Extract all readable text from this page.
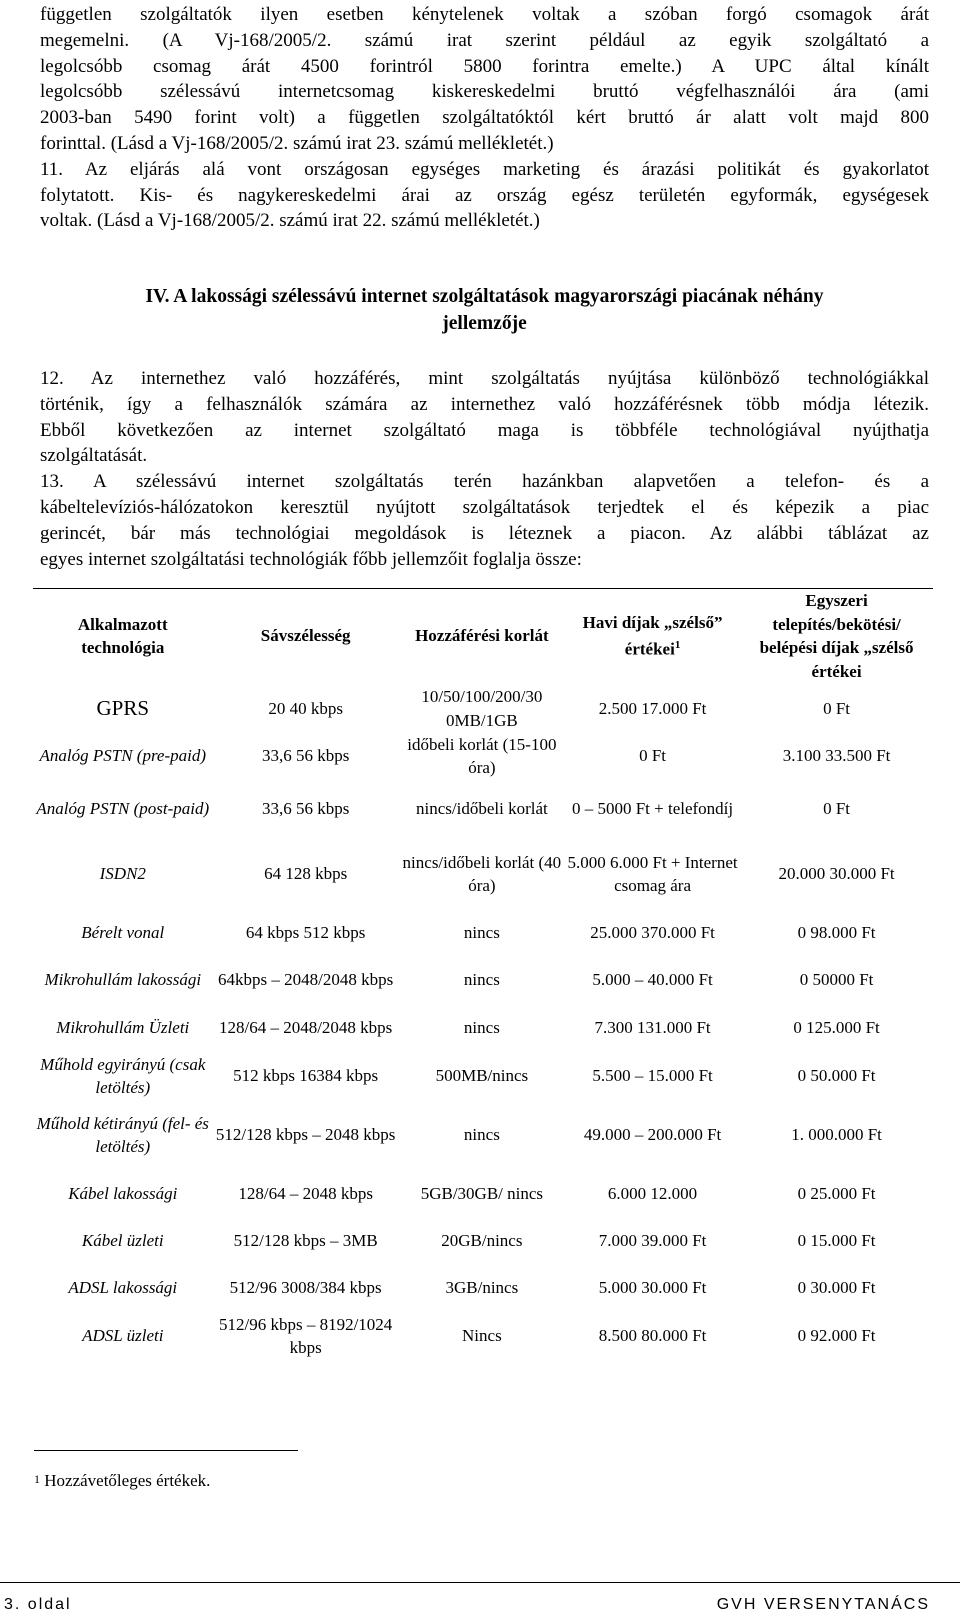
független szolgáltatók ilyen esetben kénytelenek voltak a szóban forgó csomagok árát
megemelni. (A Vj-168/2005/2. számú irat szerint például az egyik szolgáltató a
legolcsóbb csomag árát 4500 forintról 5800 forintra emelte.) A UPC által kínált
legolcsóbb szélessávú internetcsomag kiskereskedelmi bruttó végfelhasználói ára (ami
2003-ban 5490 forint volt) a független szolgáltatóktól kért bruttó ár alatt volt majd 800
forinttal. (Lásd a Vj-168/2005/2. számú irat 23. számú mellékletét.)
11. Az eljárás alá vont országosan egységes marketing és árazási politikát és gyakorlatot
folytatott. Kis- és nagykereskedelmi árai az ország egész területén egyformák, egységesek
voltak. (Lásd a Vj-168/2005/2. számú irat 22. számú mellékletét.)
IV. A lakossági szélessávú internet szolgáltatások magyarországi piacának néhány
jellemzője
12. Az internethez való hozzáférés, mint szolgáltatás nyújtása különböző technológiákkal
történik, így a felhasználók számára az internethez való hozzáférésnek több módja létezik.
Ebből következően az internet szolgáltató maga is többféle technológiával nyújthatja
szolgáltatását.
13. A szélessávú internet szolgáltatás terén hazánkban alapvetően a telefon- és a
kábeltelevíziós-hálózatokon keresztül nyújtott szolgáltatások terjedtek el és képezik a piac
gerincét, bár más technológiai megoldások is léteznek a piacon. Az alábbi táblázat az
egyes internet szolgáltatási technológiák főbb jellemzőit foglalja össze:
Alkalmazott technológia	Sávszélesség	Hozzáférési korlát	Havi díjak „szélső” értékei$^1$	Egyszeri telepítés/bekötési/ belépési díjak „szélső értékei

GPRS	20 40 kbps	10/50/100/200/30 0MB/1GB	2.500 17.000 Ft	0 Ft
Analóg PSTN (pre-paid)	33,6 56 kbps	időbeli korlát (15-100 óra)	0 Ft	3.100 33.500 Ft
Analóg PSTN (post-paid)	33,6 56 kbps	nincs/időbeli korlát	0 – 5000 Ft + telefondíj	0 Ft
ISDN2	64 128 kbps	nincs/időbeli korlát (40 óra)	5.000 6.000 Ft + Internet csomag ára	20.000 30.000 Ft
Bérelt vonal	64 kbps 512 kbps	nincs	25.000 370.000 Ft	0 98.000 Ft
Mikrohullám lakossági	64kbps – 2048/2048 kbps	nincs	5.000 – 40.000 Ft	0 50000 Ft
Mikrohullám Üzleti	128/64 – 2048/2048 kbps	nincs	7.300 131.000 Ft	0 125.000 Ft
Műhold egyirányú (csak letöltés)	512 kbps 16384 kbps	500MB/nincs	5.500 – 15.000 Ft	0 50.000 Ft
Műhold kétirányú (fel- és letöltés)	512/128 kbps – 2048 kbps	nincs	49.000 – 200.000 Ft	1. 000.000 Ft
Kábel lakossági	128/64 – 2048 kbps	5GB/30GB/ nincs	6.000 12.000	0 25.000 Ft
Kábel üzleti	512/128 kbps – 3MB	20GB/nincs	7.000 39.000 Ft	0 15.000 Ft
ADSL lakossági	512/96 3008/384 kbps	3GB/nincs	5.000 30.000 Ft	0 30.000 Ft
ADSL üzleti	512/96 kbps – 8192/1024 kbps	Nincs	8.500 80.000 Ft	0 92.000 Ft
$^1$ Hozzávetőleges értékek.
3. oldal	GVH VERSENYTANÁCS
